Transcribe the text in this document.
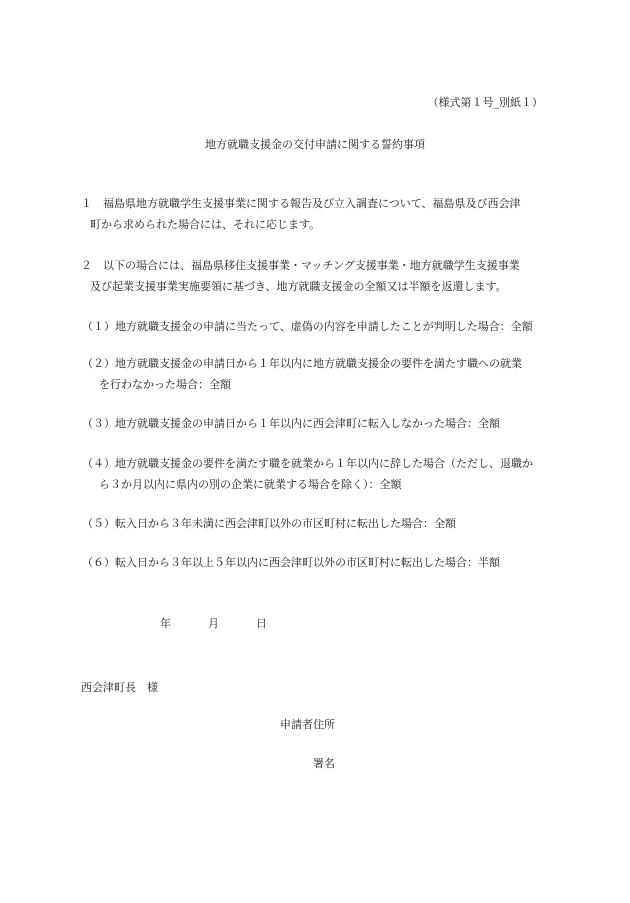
（様式第１号_別紙１）
地方就職支援金の交付申請に関する誓約事項
１ 福島県地方就職学生支援事業に関する報告及び立入調査について、福島県及び西会津
町から求められた場合には、それに応じます。
２ 以下の場合には、福島県移住支援事業・マッチング支援事業・地方就職学生支援事業
及び起業支援事業実施要領に基づき、地方就職支援金の全額又は半額を返還します。
（１）地方就職支援金の申請に当たって、虚偽の内容を申請したことが判明した場合：全額
（２）地方就職支援金の申請日から１年以内に地方就職支援金の要件を満たす職への就業
を行わなかった場合：全額
（３）地方就職支援金の申請日から１年以内に西会津町に転入しなかった場合：全額
（４）地方就職支援金の要件を満たす職を就業から１年以内に辞した場合（ただし、退職か
ら３か月以内に県内の別の企業に就業する場合を除く）：全額
（５）転入日から３年未満に西会津町以外の市区町村に転出した場合：全額
（６）転入日から３年以上５年以内に西会津町以外の市区町村に転出した場合：半額
年	月	日
西会津町長　様
申請者住所
署名
